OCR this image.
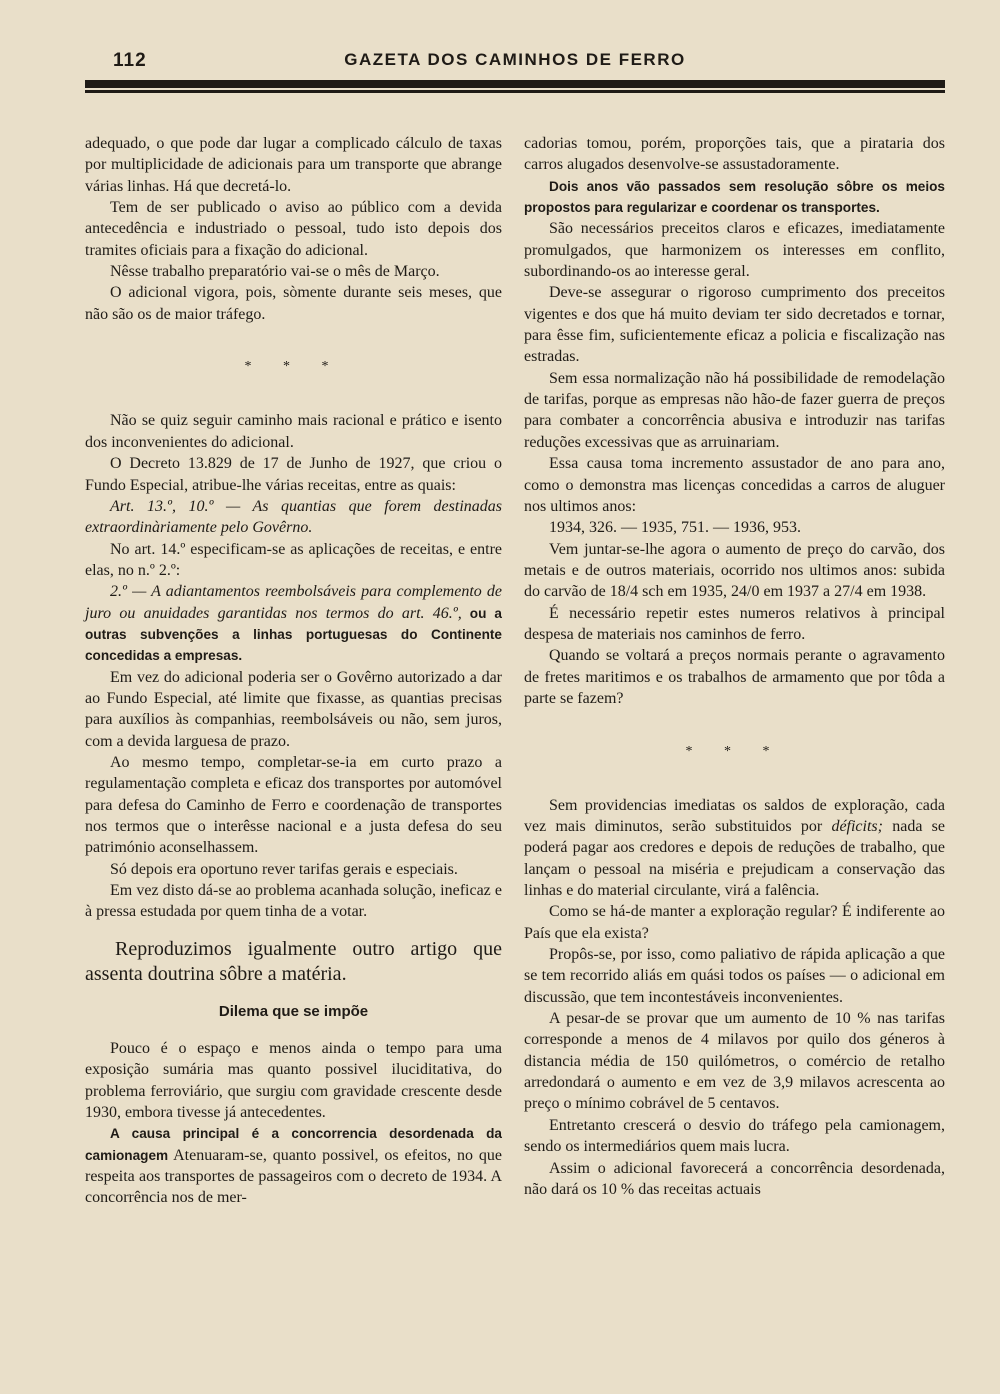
112	GAZETA DOS CAMINHOS DE FERRO

adequado, o que pode dar lugar a complicado cálculo de taxas por multiplicidade de adicionais para um transporte que abrange várias linhas. Há que decretá-lo.

Tem de ser publicado o aviso ao público com a devida antecedência e industriado o pessoal, tudo isto depois dos tramites oficiais para a fixação do adicional.

Nêsse trabalho preparatório vai-se o mês de Março.

O adicional vigora, pois, sòmente durante seis meses, que não são os de maior tráfego.

* * *

Não se quiz seguir caminho mais racional e prático e isento dos inconvenientes do adicional.

O Decreto 13.829 de 17 de Junho de 1927, que criou o Fundo Especial, atribue-lhe várias receitas, entre as quais:

Art. 13.º, 10.º — As quantias que forem destinadas extraordinàriamente pelo Govêrno.

No art. 14.º especificam-se as aplicações de receitas, e entre elas, no n.º 2.º:

2.º — A adiantamentos reembolsáveis para complemento de juro ou anuidades garantidas nos termos do art. 46.º, ou a outras subvenções a linhas portuguesas do Continente concedidas a empresas.

Em vez do adicional poderia ser o Govêrno autorizado a dar ao Fundo Especial, até limite que fixasse, as quantias precisas para auxílios às companhias, reembolsáveis ou não, sem juros, com a devida larguesa de prazo.

Ao mesmo tempo, completar-se-ia em curto prazo a regulamentação completa e eficaz dos transportes por automóvel para defesa do Caminho de Ferro e coordenação de transportes nos termos que o interêsse nacional e a justa defesa do seu património aconselhassem.

Só depois era oportuno rever tarifas gerais e especiais.

Em vez disto dá-se ao problema acanhada solução, ineficaz e à pressa estudada por quem tinha de a votar.

Reproduzimos igualmente outro artigo que assenta doutrina sôbre a matéria.

Dilema que se impõe

Pouco é o espaço e menos ainda o tempo para uma exposição sumária mas quanto possivel iluciditativa, do problema ferroviário, que surgiu com gravidade crescente desde 1930, embora tivesse já antecedentes.

A causa principal é a concorrencia desordenada da camionagem Atenuaram-se, quanto possivel, os efeitos, no que respeita aos transportes de passageiros com o decreto de 1934. A concorrência nos de mer-

cadorias tomou, porém, proporções tais, que a pirataria dos carros alugados desenvolve-se assustadoramente.

Dois anos vão passados sem resolução sôbre os meios propostos para regularizar e coordenar os transportes.

São necessários preceitos claros e eficazes, imediatamente promulgados, que harmonizem os interesses em conflito, subordinando-os ao interesse geral.

Deve-se assegurar o rigoroso cumprimento dos preceitos vigentes e dos que há muito deviam ter sido decretados e tornar, para êsse fim, suficientemente eficaz a policia e fiscalização nas estradas.

Sem essa normalização não há possibilidade de remodelação de tarifas, porque as empresas não hão-de fazer guerra de preços para combater a concorrência abusiva e introduzir nas tarifas reduções excessivas que as arruinariam.

Essa causa toma incremento assustador de ano para ano, como o demonstra mas licenças concedidas a carros de aluguer nos ultimos anos:

1934, 326. — 1935, 751. — 1936, 953.

Vem juntar-se-lhe agora o aumento de preço do carvão, dos metais e de outros materiais, ocorrido nos ultimos anos: subida do carvão de 18/4 sch em 1935, 24/0 em 1937 a 27/4 em 1938.

É necessário repetir estes numeros relativos à principal despesa de materiais nos caminhos de ferro.

Quando se voltará a preços normais perante o agravamento de fretes maritimos e os trabalhos de armamento que por tôda a parte se fazem?

* * *

Sem providencias imediatas os saldos de exploração, cada vez mais diminutos, serão substituidos por déficits; nada se poderá pagar aos credores e depois de reduções de trabalho, que lançam o pessoal na miséria e prejudicam a conservação das linhas e do material circulante, virá a falência.

Como se há-de manter a exploração regular? É indiferente ao País que ela exista?

Propôs-se, por isso, como paliativo de rápida aplicação a que se tem recorrido aliás em quási todos os países — o adicional em discussão, que tem incontestáveis inconvenientes.

A pesar-de se provar que um aumento de 10 % nas tarifas corresponde a menos de 4 milavos por quilo dos géneros à distancia média de 150 quilómetros, o comércio de retalho arredondará o aumento e em vez de 3,9 milavos acrescenta ao preço o mínimo cobrável de 5 centavos.

Entretanto crescerá o desvio do tráfego pela camionagem, sendo os intermediários quem mais lucra.

Assim o adicional favorecerá a concorrência desordenada, não dará os 10 % das receitas actuais
